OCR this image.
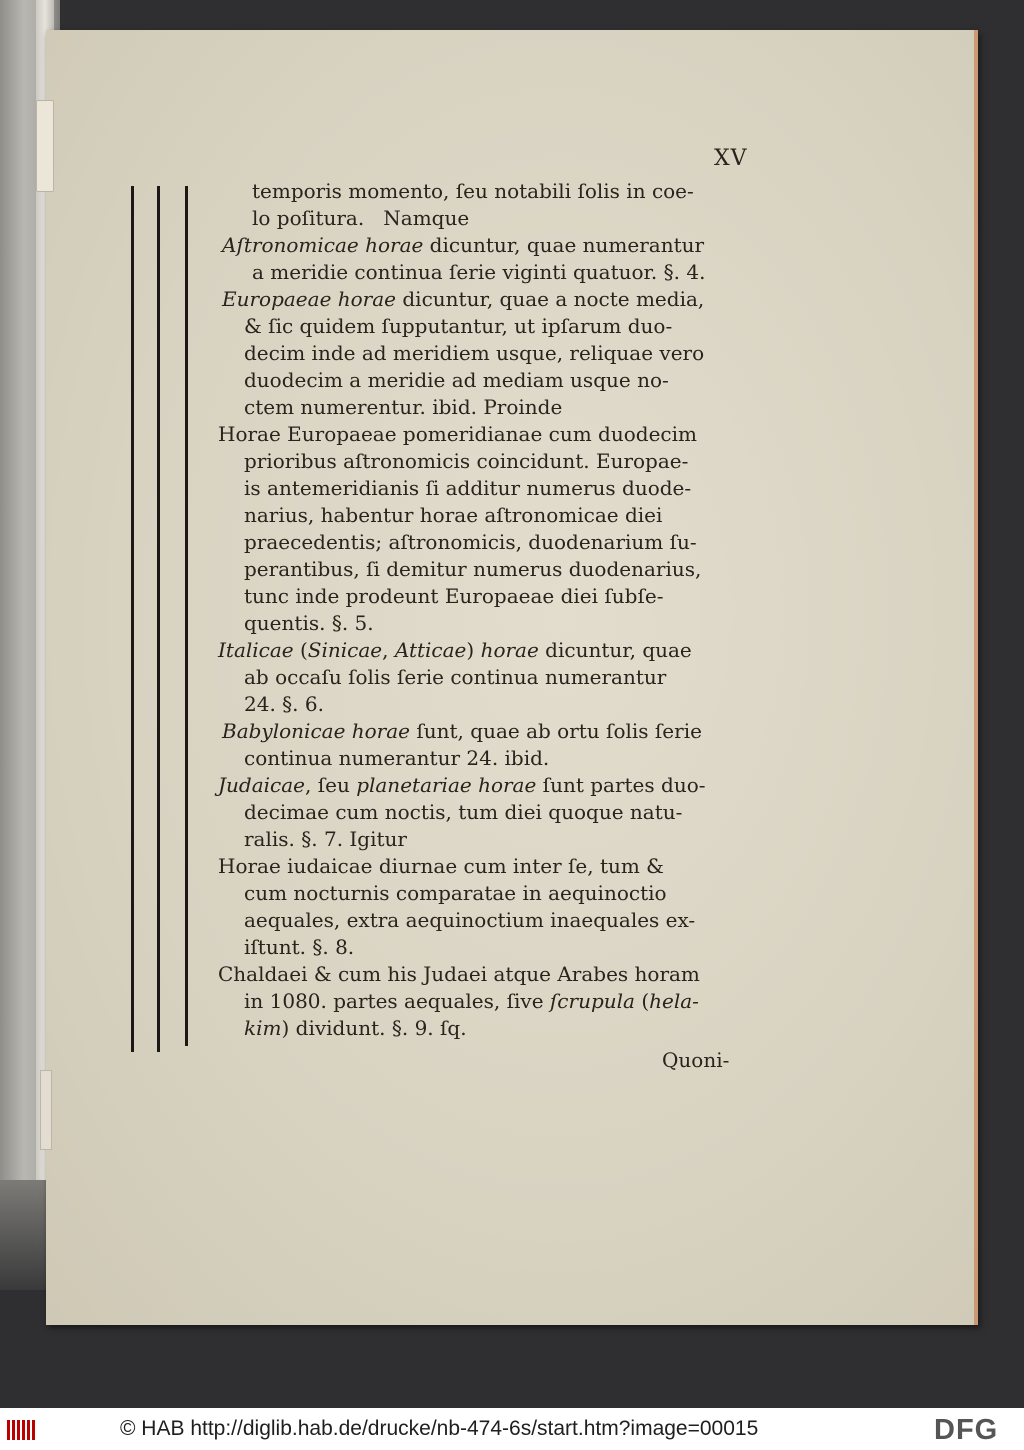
XV
temporis momento, ſeu notabili ſolis in coe-
lo poſitura.   Namque
Aſtronomicae horae dicuntur, quae numerantur
a meridie continua ſerie viginti quatuor. §. 4.
Europaeae horae dicuntur, quae a nocte media,
& ſic quidem ſupputantur, ut ipſarum duo-
decim inde ad meridiem usque, reliquae vero
duodecim a meridie ad mediam usque no-
ctem numerentur. ibid. Proinde
Horae Europaeae pomeridianae cum duodecim
prioribus aſtronomicis coincidunt. Europae-
is antemeridianis ſi additur numerus duode-
narius, habentur horae aſtronomicae diei
praecedentis; aſtronomicis, duodenarium ſu-
perantibus, ſi demitur numerus duodenarius,
tunc inde prodeunt Europaeae diei ſubſe-
quentis. §. 5.
Italicae (Sinicae, Atticae) horae dicuntur, quae
ab occaſu ſolis ſerie continua numerantur
24. §. 6.
Babylonicae horae ſunt, quae ab ortu ſolis ſerie
continua numerantur 24. ibid.
Judaicae, ſeu planetariae horae ſunt partes duo-
decimae cum noctis, tum diei quoque natu-
ralis. §. 7. Igitur
Horae iudaicae diurnae cum inter ſe, tum &
cum nocturnis comparatae in aequinoctio
aequales, extra aequinoctium inaequales ex-
iſtunt. §. 8.
Chaldaei & cum his Judaei atque Arabes horam
in 1080. partes aequales, ſive ſcrupula (hela-
kim) dividunt. §. 9. ſq.
Quoni-
© HAB http://diglib.hab.de/drucke/nb-474-6s/start.htm?image=00015	DFG
